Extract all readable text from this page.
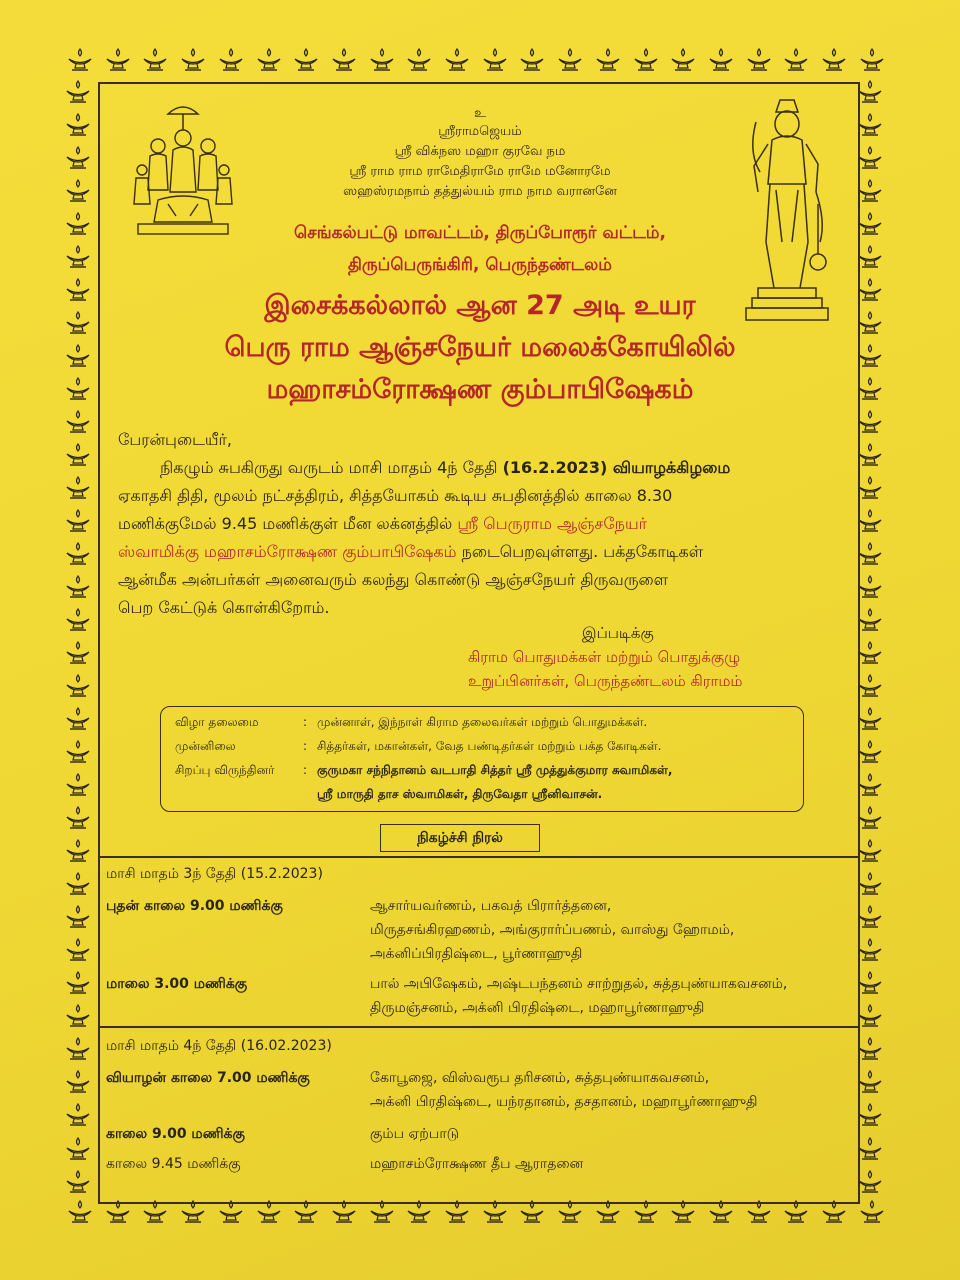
உ
ஸ்ரீராமஜெயம்
ஸ்ரீ விக்நஸ மஹா குரவே நம
ஸ்ரீ ராம ராம ராமேதிராமே ராமே மனோரமே
ஸஹஸ்ரமநாம் தத்துல்யம் ராம நாம வரானனே
செங்கல்பட்டு மாவட்டம், திருப்போரூர் வட்டம்,
திருப்பெருங்கிரி, பெருந்தண்டலம்
இசைக்கல்லால் ஆன 27 அடி உயர
பெரு ராம ஆஞ்சநேயர் மலைக்கோயிலில்
மஹாசம்ரோக்ஷண கும்பாபிஷேகம்
பேரன்புடையீர்,
நிகழும் சுபகிருது வருடம் மாசி மாதம் 4ந் தேதி (16.2.2023) வியாழக்கிழமை
ஏகாதசி திதி, மூலம் நட்சத்திரம், சித்தயோகம் கூடிய சுபதினத்தில் காலை 8.30
மணிக்குமேல் 9.45 மணிக்குள் மீன லக்னத்தில் ஸ்ரீ பெருராம ஆஞ்சநேயர்
ஸ்வாமிக்கு மஹாசம்ரோக்ஷண கும்பாபிஷேகம் நடைபெறவுள்ளது. பக்தகோடிகள்
ஆன்மீக அன்பர்கள் அனைவரும் கலந்து கொண்டு ஆஞ்சநேயர் திருவருளை
பெற கேட்டுக் கொள்கிறோம்.
இப்படிக்கு
கிராம பொதுமக்கள் மற்றும் பொதுக்குழு
உறுப்பினர்கள், பெருந்தண்டலம் கிராமம்
விழா தலைமை	: முன்னாள், இந்நாள் கிராம தலைவர்கள் மற்றும் பொதுமக்கள்.
முன்னிலை	: சித்தர்கள், மகான்கள், வேத பண்டிதர்கள் மற்றும் பக்த கோடிகள்.
சிறப்பு விருந்தினர் : குருமகா சந்நிதானம் வடபாதி சித்தர் ஸ்ரீ முத்துக்குமார சுவாமிகள்,
ஸ்ரீ மாருதி தாச ஸ்வாமிகள், திருவேதா ஸ்ரீனிவாசன்.
நிகழ்ச்சி நிரல்
மாசி மாதம் 3ந் தேதி (15.2.2023)
புதன் காலை 9.00 மணிக்கு	ஆசார்யவர்ணம், பகவத் பிரார்த்தனை,
மிருதசங்கிரஹணம், அங்குரார்ப்பணம், வாஸ்து ஹோமம்,
அக்னிப்பிரதிஷ்டை, பூர்ணாஹுதி
மாலை 3.00 மணிக்கு	பால் அபிஷேகம், அஷ்டபந்தனம் சாற்றுதல், சுத்தபுண்யாகவசனம்,
திருமஞ்சனம், அக்னி பிரதிஷ்டை, மஹாபூர்ணாஹுதி
மாசி மாதம் 4ந் தேதி (16.02.2023)
வியாழன் காலை 7.00 மணிக்கு	கோபூஜை, விஸ்வரூப தரிசனம், சுத்தபுண்யாகவசனம்,
அக்னி பிரதிஷ்டை, யந்ரதானம், தசதானம், மஹாபூர்ணாஹுதி
காலை 9.00 மணிக்கு	கும்ப ஏற்பாடு
காலை 9.45 மணிக்கு	மஹாசம்ரோக்ஷண தீப ஆராதனை
